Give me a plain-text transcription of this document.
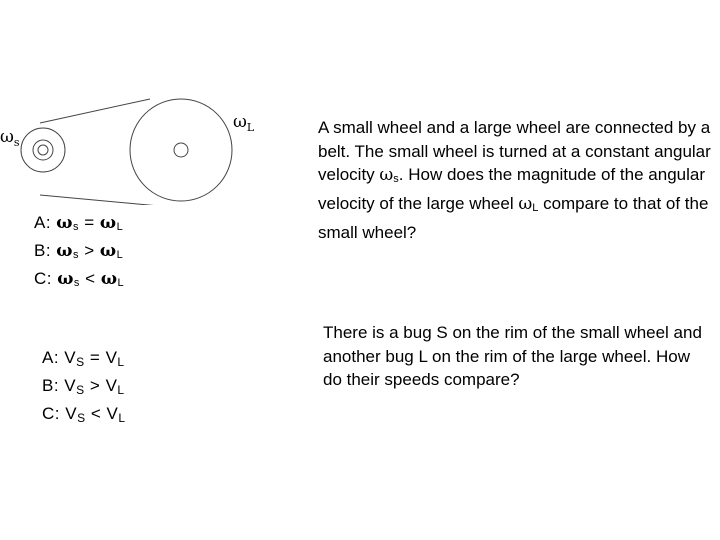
$\omega_s$
$\omega_L$
A: ωs = ωL
B: ωs > ωL
C: ωs < ωL
A small wheel and a large wheel are connected by a belt. The small wheel is turned at a constant angular velocity ωs. How does the magnitude of the angular velocity of the large wheel ωL compare to that of the small wheel?
A: VS = VL
B: VS > VL
C: VS < VL
There is a bug S on the rim of the small wheel and another bug L on the rim of the large wheel. How do their speeds compare?
